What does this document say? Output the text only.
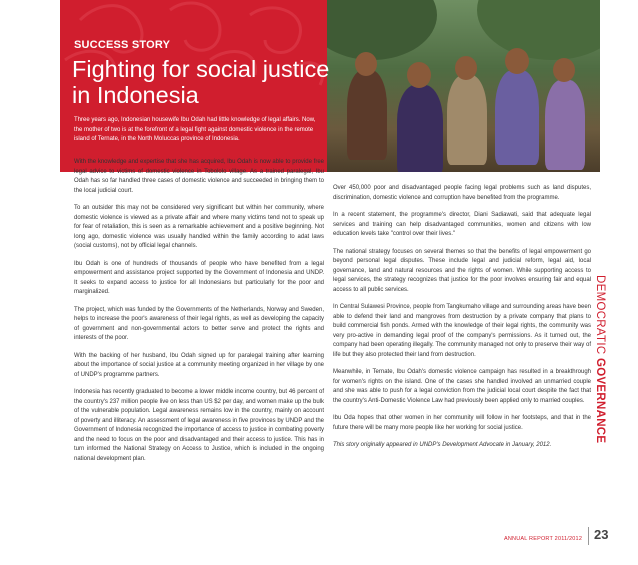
SUCCESS STORY
Fighting for social justice in Indonesia
Three years ago, Indonesian housewife Ibu Odah had little knowledge of legal affairs. Now, the mother of two is at the forefront of a legal fight against domestic violence in the remote island of Ternate, in the North Moluccas province of Indonesia.

With the knowledge and expertise that she has acquired, Ibu Odah is now able to provide free legal advice to victims of domestic violence in Tobololo village. As a trained paralegal, Ibu Odah has so far handled three cases of domestic violence and succeeded in bringing them to the local judicial court.

To an outsider this may not be considered very significant but within her community, where domestic violence is viewed as a private affair and where many victims tend not to speak up for fear of retaliation, this is seen as a remarkable achievement and a positive beginning. Not long ago, domestic violence was usually handled within the family according to adat laws (social customs), not by official legal channels.

Ibu Odah is one of hundreds of thousands of people who have benefited from a legal empowerment and assistance project supported by the Government of Indonesia and UNDP. It seeks to expand access to justice for all Indonesians but particularly for the poor and marginalized.

The project, which was funded by the Governments of the Netherlands, Norway and Sweden, helps to increase the poor's awareness of their legal rights, as well as developing the capacity of government and non-governmental actors to better serve and protect the rights and interests of the poor.

With the backing of her husband, Ibu Odah signed up for paralegal training after learning about the importance of social justice at a community meeting organized in her village by one of UNDP's programme partners.

Indonesia has recently graduated to become a lower middle income country, but 46 percent of the country's 237 million people live on less than US $2 per day, and women make up the bulk of the vulnerable population. Legal awareness remains low in the country, mainly on account of poverty and illiteracy. An assessment of legal awareness in five provinces by UNDP and the Government of Indonesia recognized the importance of access to justice in combating poverty and the need to focus on the poor and disadvantaged and their access to justice. This has in turn informed the National Strategy on Access to Justice, which is included in the ongoing national development plan.

Over 450,000 poor and disadvantaged people facing legal problems such as land disputes, discrimination, domestic violence and corruption have benefited from the programme.

In a recent statement, the programme's director, Diani Sadiawati, said that adequate legal services and training can help disadvantaged communities, women and citizens with low education levels take "control over their lives."

The national strategy focuses on several themes so that the benefits of legal empowerment go beyond personal legal disputes. These include legal and judicial reform, legal aid, local governance, land and natural resources and the rights of women. While supporting access to legal services, the strategy recognizes that justice for the poor involves ensuring fair and equal access to all public services.

In Central Sulawesi Province, people from Tangkumaho village and surrounding areas have been able to defend their land and mangroves from destruction by a private company that plans to build commercial fish ponds. Armed with the knowledge of their legal rights, the community was very pro-active in demanding legal proof of the company's permissions. As it turned out, the company had been operating illegally. The community managed not only to preserve their way of life but they also protected their land from destruction.

Meanwhile, in Ternate, Ibu Odah's domestic violence campaign has resulted in a breakthrough for women's rights on the island. One of the cases she handled involved an unmarried couple and she was able to push for a legal conviction from the judicial local court despite the fact that the country's Anti-Domestic Violence Law had previously been applied only to married couples.

Ibu Oda hopes that other women in her community will follow in her footsteps, and that in the future there will be many more people like her working for social justice.

This story originally appeared in UNDP's Development Advocate in January, 2012.

DEMOCRATIC GOVERNANCE
ANNUAL REPORT 2011/2012 23
